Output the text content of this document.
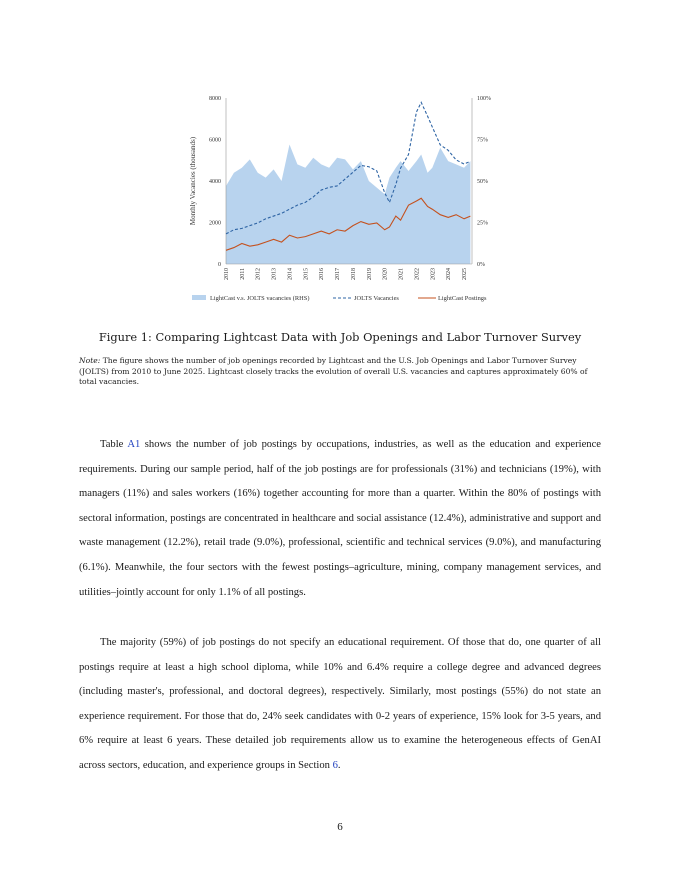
8000
6000
4000
2000
0
100%
75%
50%
25%
0%
2010 2011 2012 2013 2014 2015 2016 2017 2018 2019 2020 2021 2022 2023 2024 2025
Monthly Vacancies (thousands)
LightCast v.s. JOLTS vacancies (RHS)	JOLTS Vacancies	LightCast Postings
Figure 1: Comparing Lightcast Data with Job Openings and Labor Turnover Survey
Note: The figure shows the number of job openings recorded by Lightcast and the U.S. Job Openings and Labor Turnover Survey (JOLTS) from 2010 to June 2025. Lightcast closely tracks the evolution of overall U.S. vacancies and captures approximately 60% of total vacancies.
Table A1 shows the number of job postings by occupations, industries, as well as the education and experience requirements. During our sample period, half of the job postings are for professionals (31%) and technicians (19%), with managers (11%) and sales workers (16%) together accounting for more than a quarter. Within the 80% of postings with sectoral information, postings are concentrated in healthcare and social assistance (12.4%), administrative and support and waste management (12.2%), retail trade (9.0%), professional, scientific and technical services (9.0%), and manufacturing (6.1%). Meanwhile, the four sectors with the fewest postings–agriculture, mining, company management services, and utilities–jointly account for only 1.1% of all postings.
The majority (59%) of job postings do not specify an educational requirement. Of those that do, one quarter of all postings require at least a high school diploma, while 10% and 6.4% require a college degree and advanced degrees (including master's, professional, and doctoral degrees), respectively. Similarly, most postings (55%) do not state an experience requirement. For those that do, 24% seek candidates with 0-2 years of experience, 15% look for 3-5 years, and 6% require at least 6 years. These detailed job requirements allow us to examine the heterogeneous effects of GenAI across sectors, education, and experience groups in Section 6.
6
